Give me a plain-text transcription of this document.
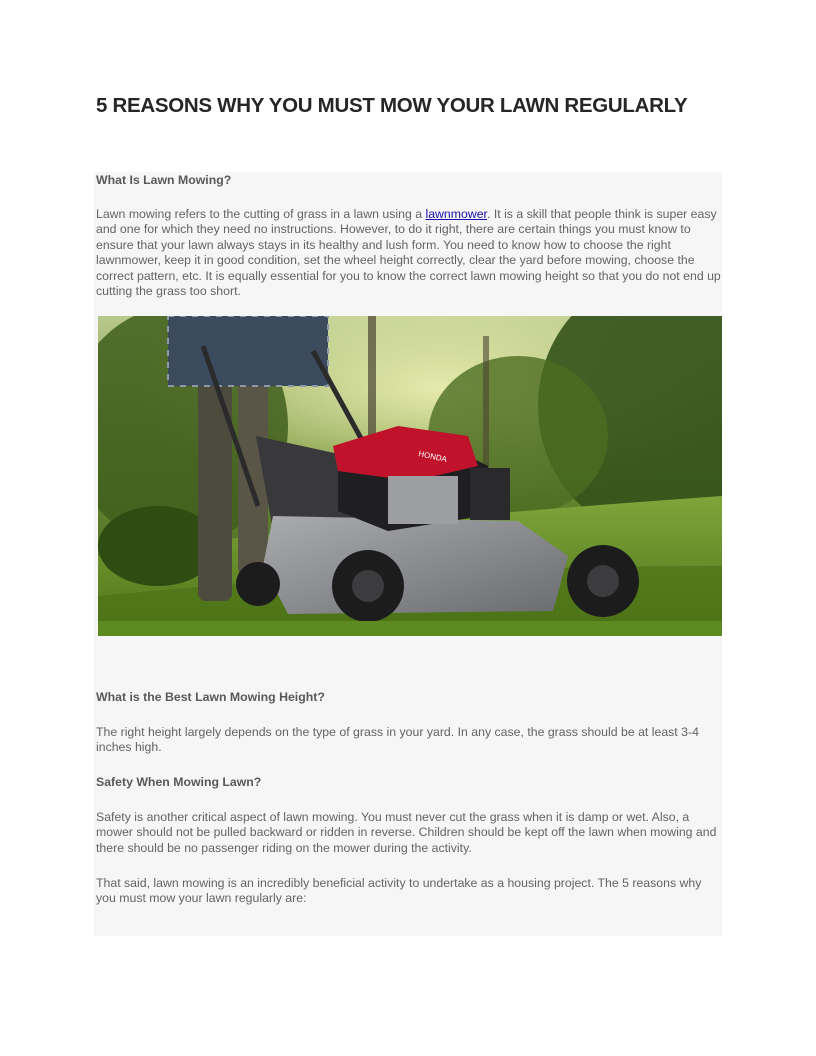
5 REASONS WHY YOU MUST MOW YOUR LAWN REGULARLY
What Is Lawn Mowing?

Lawn mowing refers to the cutting of grass in a lawn using a lawnmower. It is a skill that people think is super easy and one for which they need no instructions. However, to do it right, there are certain things you must know to ensure that your lawn always stays in its healthy and lush form. You need to know how to choose the right lawnmower, keep it in good condition, set the wheel height correctly, clear the yard before mowing, choose the correct pattern, etc. It is equally essential for you to know the correct lawn mowing height so that you do not end up cutting the grass too short.

HONDA
What is the Best Lawn Mowing Height?

The right height largely depends on the type of grass in your yard. In any case, the grass should be at least 3-4 inches high.

Safety When Mowing Lawn?

Safety is another critical aspect of lawn mowing. You must never cut the grass when it is damp or wet. Also, a mower should not be pulled backward or ridden in reverse. Children should be kept off the lawn when mowing and there should be no passenger riding on the mower during the activity.

That said, lawn mowing is an incredibly beneficial activity to undertake as a housing project. The 5 reasons why you must mow your lawn regularly are:
